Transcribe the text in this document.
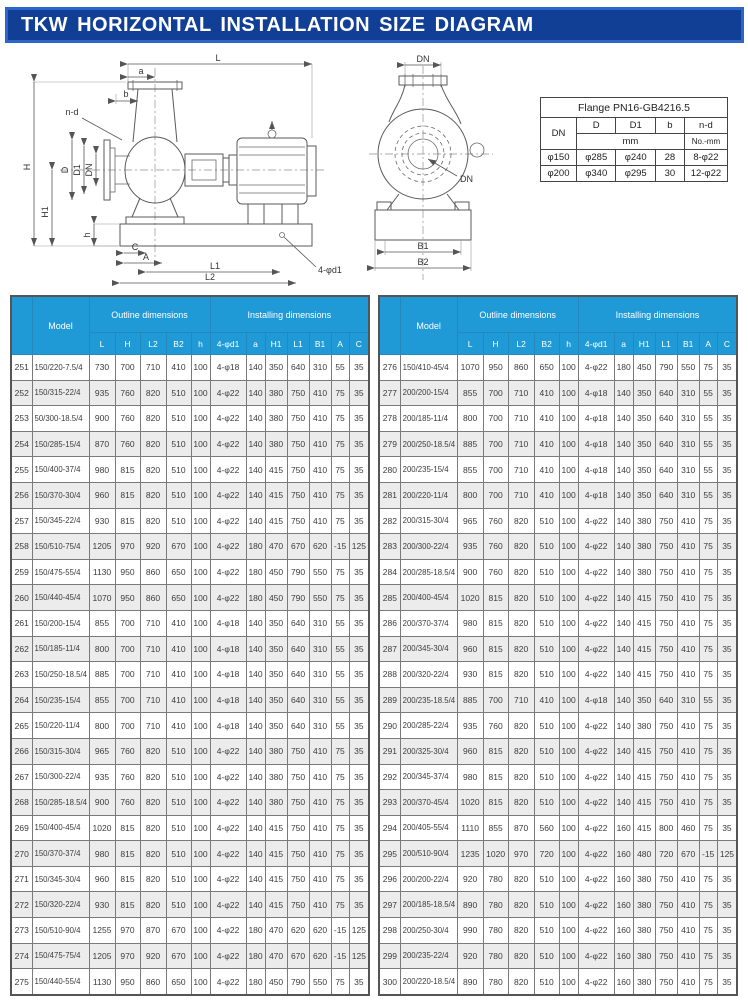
TKW HORIZONTAL INSTALLATION SIZE DIAGRAM
L
a
b
n-d
H
H1
D D1 DN
h
C
A
L1
L2
4-φd1
DN
DN
B1
B2
Flange PN16-GB4216.5				
DN	D	D1	b	n-d
	mm			No.-mm
φ150	φ285	φ240	28	8-φ22
φ200	φ340	φ295	30	12-φ22
	Model	Outline dimensions					Installing dimensions						
		L	H	L2	B2	h	4-φd1	a	H1	L1	B1	A	C
251	150/220-7.5/4	730	700	710	410	100	4-φ18	140	350	640	310	55	35
252	150/315-22/4	935	760	820	510	100	4-φ22	140	380	750	410	75	35
253	50/300-18.5/4	900	760	820	510	100	4-φ22	140	380	750	410	75	35
254	150/285-15/4	870	760	820	510	100	4-φ22	140	380	750	410	75	35
255	150/400-37/4	980	815	820	510	100	4-φ22	140	415	750	410	75	35
256	150/370-30/4	960	815	820	510	100	4-φ22	140	415	750	410	75	35
257	150/345-22/4	930	815	820	510	100	4-φ22	140	415	750	410	75	35
258	150/510-75/4	1205	970	920	670	100	4-φ22	180	470	670	620	-15	125
259	150/475-55/4	1130	950	860	650	100	4-φ22	180	450	790	550	75	35
260	150/440-45/4	1070	950	860	650	100	4-φ22	180	450	790	550	75	35
261	150/200-15/4	855	700	710	410	100	4-φ18	140	350	640	310	55	35
262	150/185-11/4	800	700	710	410	100	4-φ18	140	350	640	310	55	35
263	150/250-18.5/4	885	700	710	410	100	4-φ18	140	350	640	310	55	35
264	150/235-15/4	855	700	710	410	100	4-φ18	140	350	640	310	55	35
265	150/220-11/4	800	700	710	410	100	4-φ18	140	350	640	310	55	35
266	150/315-30/4	965	760	820	510	100	4-φ22	140	380	750	410	75	35
267	150/300-22/4	935	760	820	510	100	4-φ22	140	380	750	410	75	35
268	150/285-18.5/4	900	760	820	510	100	4-φ22	140	380	750	410	75	35
269	150/400-45/4	1020	815	820	510	100	4-φ22	140	415	750	410	75	35
270	150/370-37/4	980	815	820	510	100	4-φ22	140	415	750	410	75	35
271	150/345-30/4	960	815	820	510	100	4-φ22	140	415	750	410	75	35
272	150/320-22/4	930	815	820	510	100	4-φ22	140	415	750	410	75	35
273	150/510-90/4	1255	970	870	670	100	4-φ22	180	470	620	620	-15	125
274	150/475-75/4	1205	970	920	670	100	4-φ22	180	470	670	620	-15	125
275	150/440-55/4	1130	950	860	650	100	4-φ22	180	450	790	550	75	35
	Model	Outline dimensions					Installing dimensions						
		L	H	L2	B2	h	4-φd1	a	H1	L1	B1	A	C
276	150/410-45/4	1070	950	860	650	100	4-φ22	180	450	790	550	75	35
277	200/200-15/4	855	700	710	410	100	4-φ18	140	350	640	310	55	35
278	200/185-11/4	800	700	710	410	100	4-φ18	140	350	640	310	55	35
279	200/250-18.5/4	885	700	710	410	100	4-φ18	140	350	640	310	55	35
280	200/235-15/4	855	700	710	410	100	4-φ18	140	350	640	310	55	35
281	200/220-11/4	800	700	710	410	100	4-φ18	140	350	640	310	55	35
282	200/315-30/4	965	760	820	510	100	4-φ22	140	380	750	410	75	35
283	200/300-22/4	935	760	820	510	100	4-φ22	140	380	750	410	75	35
284	200/285-18.5/4	900	760	820	510	100	4-φ22	140	380	750	410	75	35
285	200/400-45/4	1020	815	820	510	100	4-φ22	140	415	750	410	75	35
286	200/370-37/4	980	815	820	510	100	4-φ22	140	415	750	410	75	35
287	200/345-30/4	960	815	820	510	100	4-φ22	140	415	750	410	75	35
288	200/320-22/4	930	815	820	510	100	4-φ22	140	415	750	410	75	35
289	200/235-18.5/4	885	700	710	410	100	4-φ18	140	350	640	310	55	35
290	200/285-22/4	935	760	820	510	100	4-φ22	140	380	750	410	75	35
291	200/325-30/4	960	815	820	510	100	4-φ22	140	415	750	410	75	35
292	200/345-37/4	980	815	820	510	100	4-φ22	140	415	750	410	75	35
293	200/370-45/4	1020	815	820	510	100	4-φ22	140	415	750	410	75	35
294	200/405-55/4	1110	855	870	560	100	4-φ22	160	415	800	460	75	35
295	200/510-90/4	1235	1020	970	720	100	4-φ22	160	480	720	670	-15	125
296	200/200-22/4	920	780	820	510	100	4-φ22	160	380	750	410	75	35
297	200/185-18.5/4	890	780	820	510	100	4-φ22	160	380	750	410	75	35
298	200/250-30/4	990	780	820	510	100	4-φ22	160	380	750	410	75	35
299	200/235-22/4	920	780	820	510	100	4-φ22	160	380	750	410	75	35
300	200/220-18.5/4	890	780	820	510	100	4-φ22	160	380	750	410	75	35
